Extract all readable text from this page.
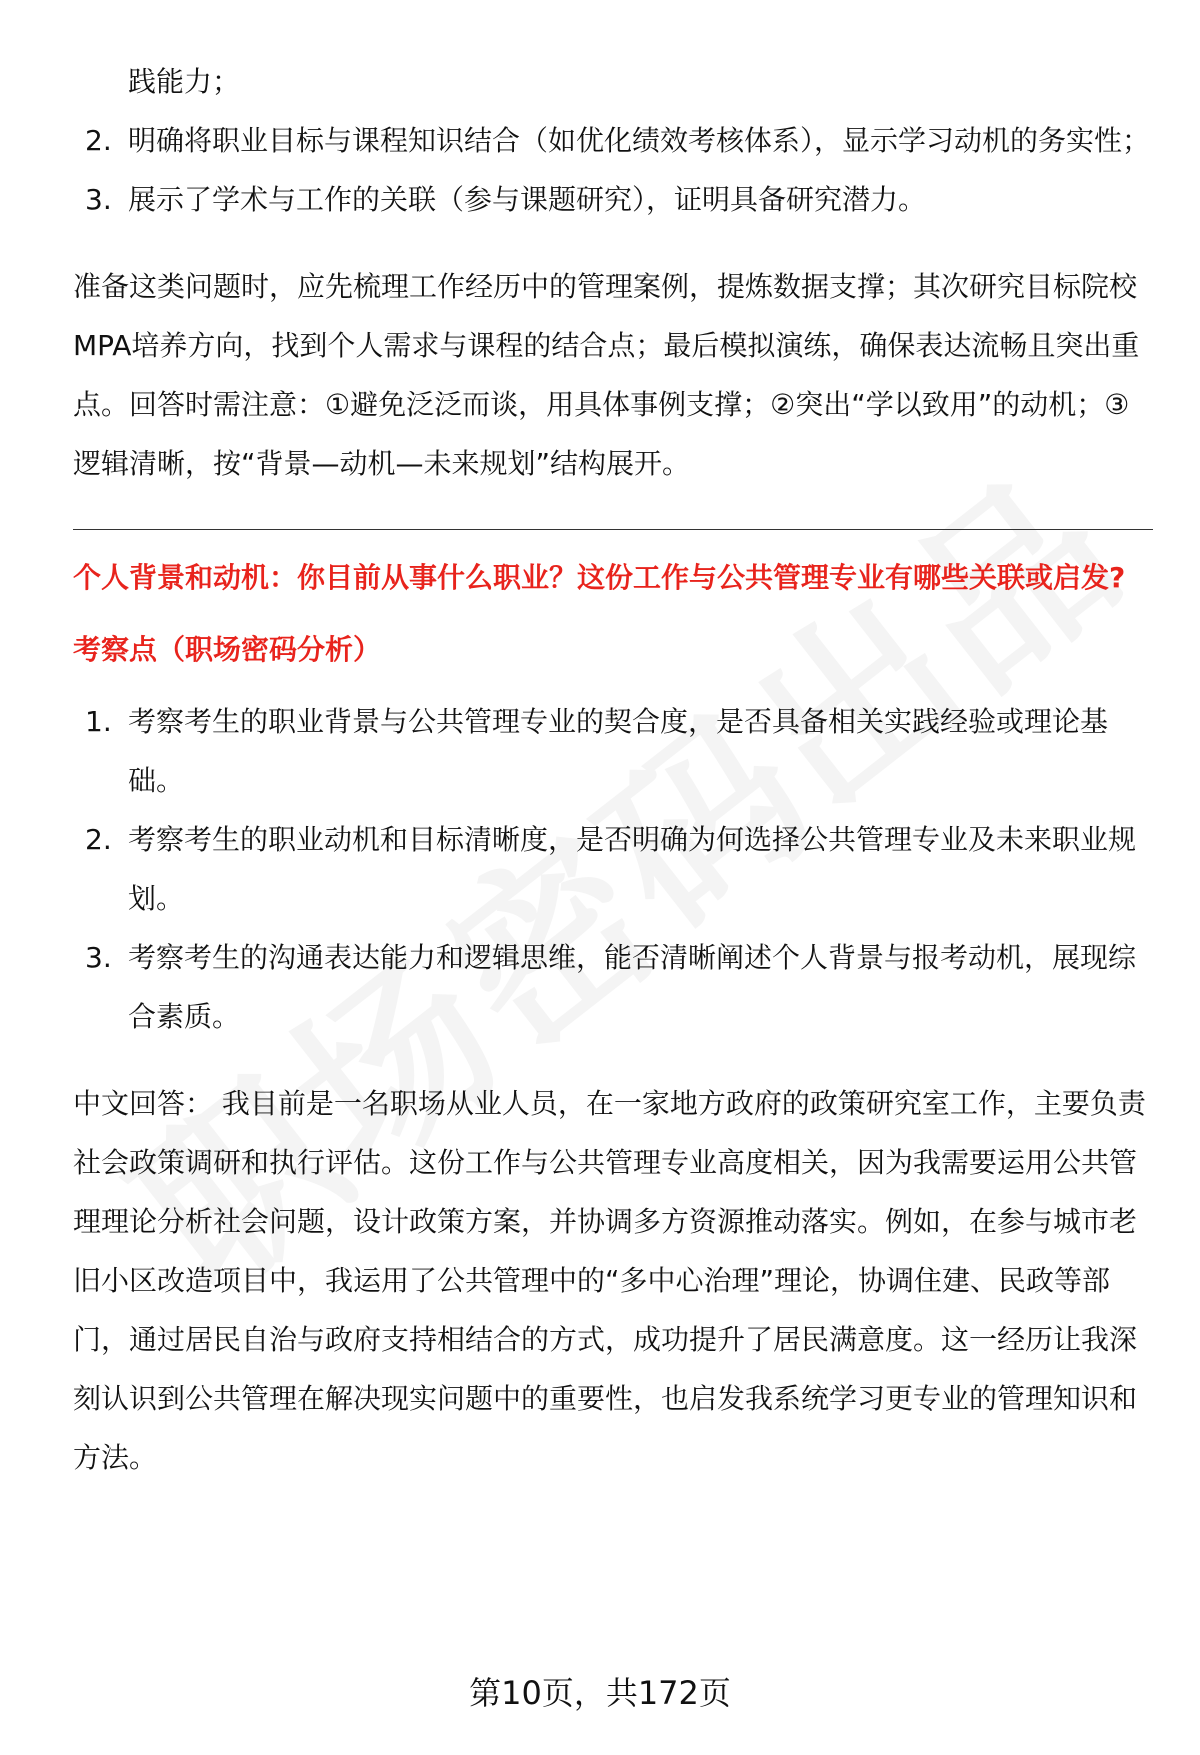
践能力；
2. 明确将职业目标与课程知识结合（如优化绩效考核体系），显示学习动机的务实性；
3. 展示了学术与工作的关联（参与课题研究），证明具备研究潜力。

准备这类问题时，应先梳理工作经历中的管理案例，提炼数据支撑；其次研究目标院校MPA培养方向，找到个人需求与课程的结合点；最后模拟演练，确保表达流畅且突出重点。回答时需注意：①避免泛泛而谈，用具体事例支撑；②突出“学以致用”的动机；③逻辑清晰，按“背景—动机—未来规划”结构展开。

个人背景和动机：你目前从事什么职业？这份工作与公共管理专业有哪些关联或启发?

考察点（职场密码分析）

1. 考察考生的职业背景与公共管理专业的契合度，是否具备相关实践经验或理论基础。
2. 考察考生的职业动机和目标清晰度，是否明确为何选择公共管理专业及未来职业规划。
3. 考察考生的沟通表达能力和逻辑思维，能否清晰阐述个人背景与报考动机，展现综合素质。

中文回答： 我目前是一名职场从业人员，在一家地方政府的政策研究室工作，主要负责社会政策调研和执行评估。这份工作与公共管理专业高度相关，因为我需要运用公共管理理论分析社会问题，设计政策方案，并协调多方资源推动落实。例如，在参与城市老旧小区改造项目中，我运用了公共管理中的“多中心治理”理论，协调住建、民政等部门，通过居民自治与政府支持相结合的方式，成功提升了居民满意度。这一经历让我深刻认识到公共管理在解决现实问题中的重要性，也启发我系统学习更专业的管理知识和方法。

第10页，共172页
